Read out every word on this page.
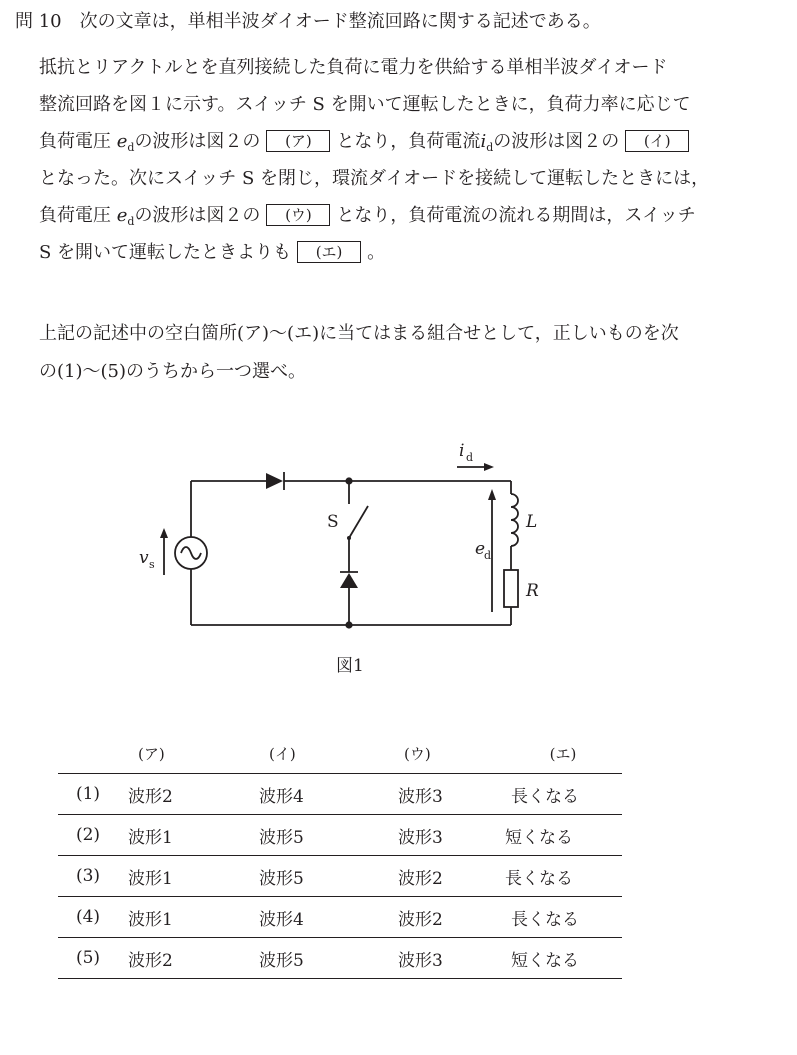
問 10　 次の文章は，単相半波ダイオード整流回路に関する記述である。
抵抗とリアクトルとを直列接続した負荷に電力を供給する単相半波ダイオード
整流回路を図１に示す。スイッチ S を開いて運転したときに，負荷力率に応じて
負荷電圧 $e_d$の波形は図２の (ア) となり，負荷電流$i_d$の波形は図２の (イ)
となった。次にスイッチ S を閉じ，環流ダイオードを接続して運転したときには，
負荷電圧 $e_d$の波形は図２の (ウ) となり，負荷電流の流れる期間は，スイッチ
S を開いて運転したときよりも (エ) 。
上記の記述中の空白箇所(ア)～(エ)に当てはまる組合せとして，正しいものを次
の(1)～(5)のうちから一つ選べ。
v s
i d
e
d
L
R
S
図1
	(ア)	(イ)	(ウ)	(エ)
(1)	波形2	波形4	波形3	長くなる
(2)	波形1	波形5	波形3	短くなる
(3)	波形1	波形5	波形2	長くなる
(4)	波形1	波形4	波形2	長くなる
(5)	波形2	波形5	波形3	短くなる
